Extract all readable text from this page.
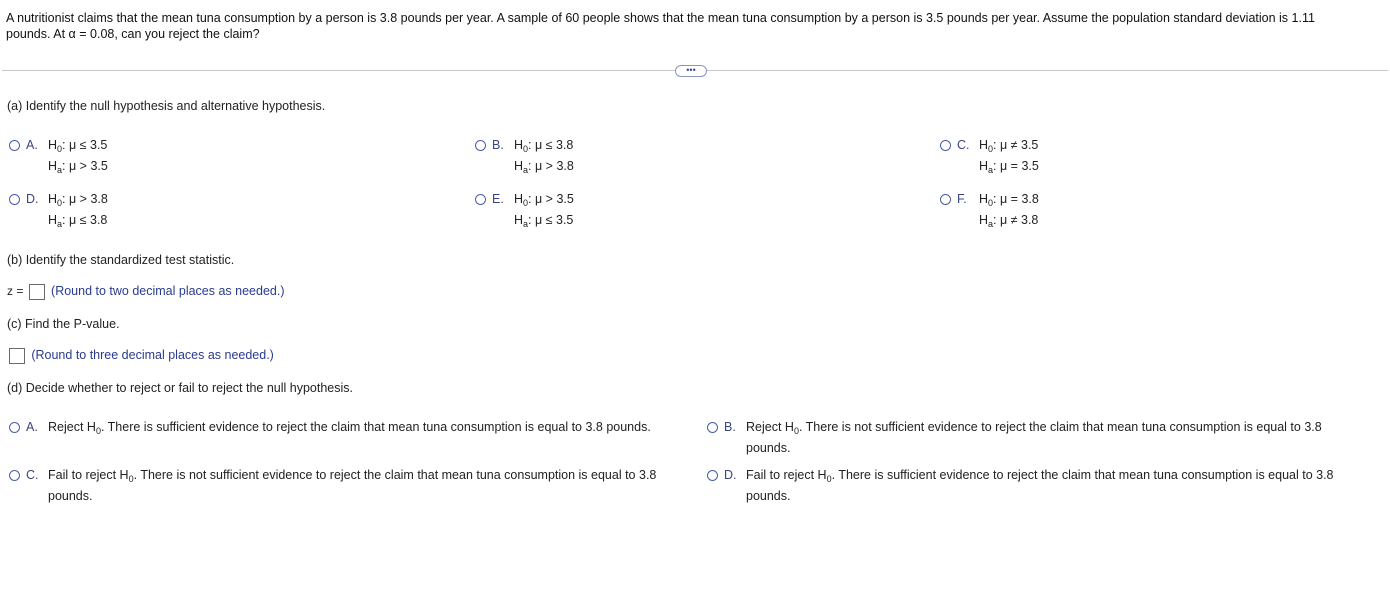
A nutritionist claims that the mean tuna consumption by a person is 3.8 pounds per year. A sample of 60 people shows that the mean tuna consumption by a person is 3.5 pounds per year. Assume the population standard deviation is 1.11
pounds. At α = 0.08, can you reject the claim?
•••
(a) Identify the null hypothesis and alternative hypothesis.
A. $H_0$: μ ≤ 3.5
$H_a$: μ > 3.5
B. $H_0$: μ ≤ 3.8
$H_a$: μ > 3.8
C. $H_0$: μ ≠ 3.5
$H_a$: μ = 3.5
D. $H_0$: μ > 3.8
$H_a$: μ ≤ 3.8
E. $H_0$: μ > 3.5
$H_a$: μ ≤ 3.5
F. $H_0$: μ = 3.8
$H_a$: μ ≠ 3.8
(b) Identify the standardized test statistic.
z = (Round to two decimal places as needed.)
(c) Find the P-value.
(Round to three decimal places as needed.)
(d) Decide whether to reject or fail to reject the null hypothesis.
A. Reject $H_0$. There is sufficient evidence to reject the claim that mean tuna consumption is equal to 3.8 pounds.	B. Reject $H_0$. There is not sufficient evidence to reject the claim that mean tuna consumption is equal to 3.8
pounds.
C. Fail to reject $H_0$. There is not sufficient evidence to reject the claim that mean tuna consumption is equal to 3.8
pounds.
D. Fail to reject $H_0$. There is sufficient evidence to reject the claim that mean tuna consumption is equal to 3.8
pounds.
